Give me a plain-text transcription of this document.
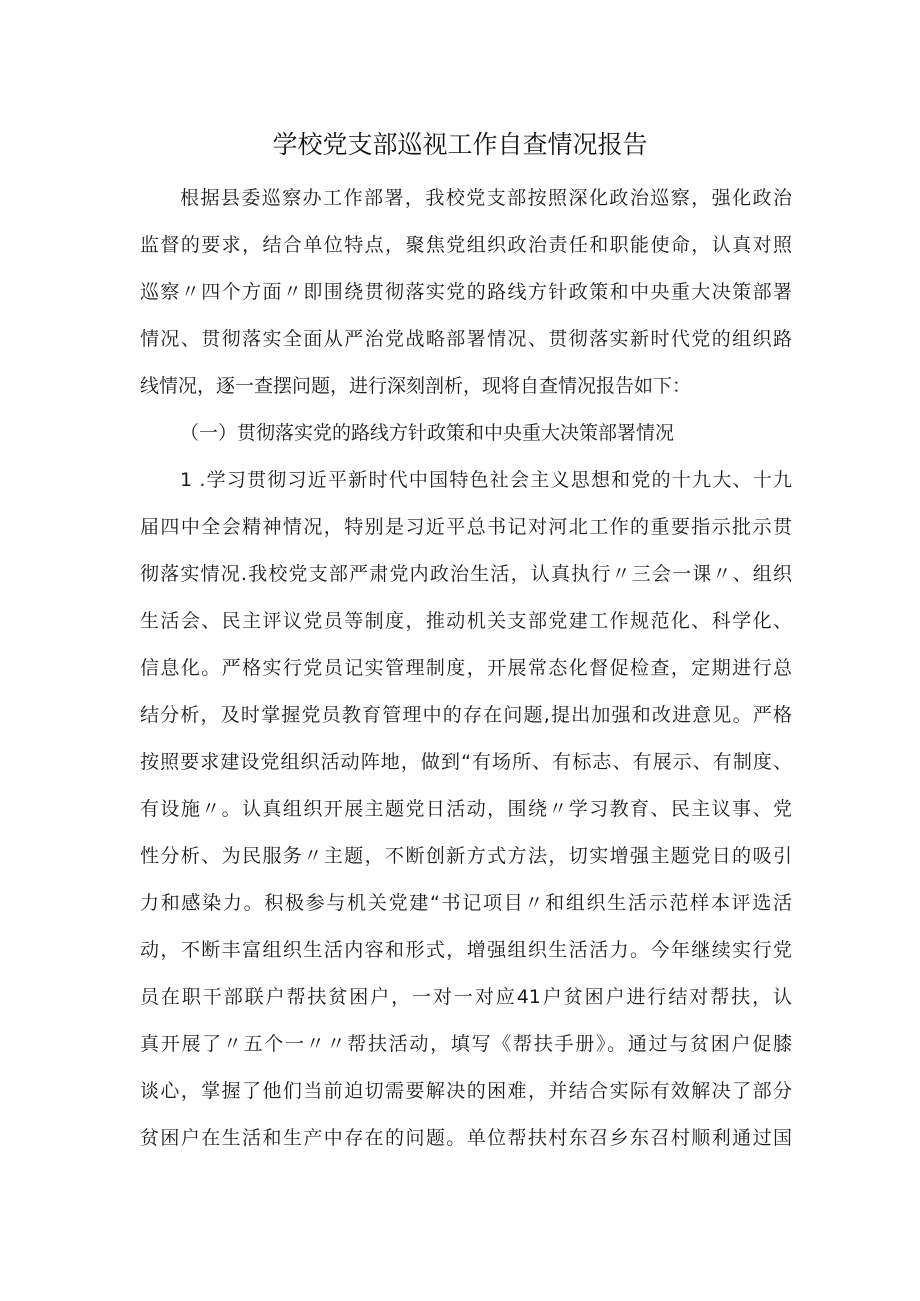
学校党支部巡视工作自查情况报告
根据县委巡察办工作部署，我校党支部按照深化政治巡察，强化政治
监督的要求，结合单位特点，聚焦党组织政治责任和职能使命，认真对照
巡察〃四个方面〃即围绕贯彻落实党的路线方针政策和中央重大决策部署
情况、贯彻落实全面从严治党战略部署情况、贯彻落实新时代党的组织路
线情况，逐一查摆问题，进行深刻剖析，现将自查情况报告如下：
（一）贯彻落实党的路线方针政策和中央重大决策部署情况
1 .学习贯彻习近平新时代中国特色社会主义思想和党的十九大、十九
届四中全会精神情况，特别是习近平总书记对河北工作的重要指示批示贯
彻落实情况.我校党支部严肃党内政治生活，认真执行〃三会一课〃、组织
生活会、民主评议党员等制度，推动机关支部党建工作规范化、科学化、
信息化。严格实行党员记实管理制度，开展常态化督促检查，定期进行总
结分析，及时掌握党员教育管理中的存在问题,提出加强和改进意见。严格
按照要求建设党组织活动阵地，做到“有场所、有标志、有展示、有制度、
有设施〃。认真组织开展主题党日活动，围绕〃学习教育、民主议事、党
性分析、为民服务〃主题，不断创新方式方法，切实增强主题党日的吸引
力和感染力。积极参与机关党建“书记项目〃和组织生活示范样本评选活
动，不断丰富组织生活内容和形式，增强组织生活活力。今年继续实行党
员在职干部联户帮扶贫困户，一对一对应41户贫困户进行结对帮扶，认
真开展了〃五个一〃〃帮扶活动，填写《帮扶手册》。通过与贫困户促膝
谈心，掌握了他们当前迫切需要解决的困难，并结合实际有效解决了部分
贫困户在生活和生产中存在的问题。单位帮扶村东召乡东召村顺利通过国
